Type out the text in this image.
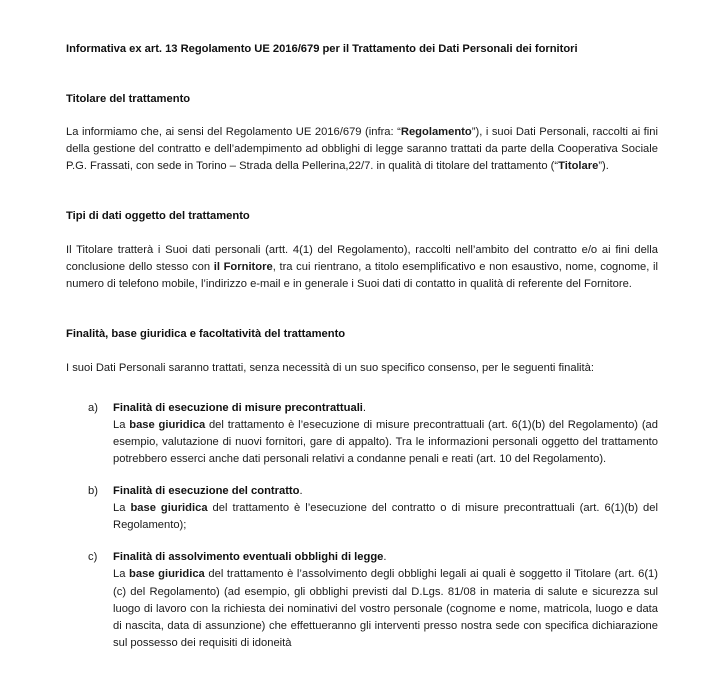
Informativa ex art. 13 Regolamento UE 2016/679 per il Trattamento dei Dati Personali dei fornitori
Titolare del trattamento

La informiamo che, ai sensi del Regolamento UE 2016/679 (infra: “Regolamento”), i suoi Dati Personali, raccolti ai fini della gestione del contratto e dell’adempimento ad obblighi di legge saranno trattati da parte della Cooperativa Sociale P.G. Frassati, con sede in Torino – Strada della Pellerina,22/7. in qualità di titolare del trattamento (“Titolare”).

Tipi di dati oggetto del trattamento

Il Titolare tratterà i Suoi dati personali (artt. 4(1) del Regolamento), raccolti nell’ambito del contratto e/o ai fini della conclusione dello stesso con il Fornitore, tra cui rientrano, a titolo esemplificativo e non esaustivo, nome, cognome, il numero di telefono mobile, l’indirizzo e-mail e in generale i Suoi dati di contatto in qualità di referente del Fornitore.

Finalità, base giuridica e facoltatività del trattamento

I suoi Dati Personali saranno trattati, senza necessità di un suo specifico consenso, per le seguenti finalità:

a) Finalità di esecuzione di misure precontrattuali.
La base giuridica del trattamento è l’esecuzione di misure precontrattuali (art. 6(1)(b) del Regolamento) (ad esempio, valutazione di nuovi fornitori, gare di appalto). Tra le informazioni personali oggetto del trattamento potrebbero esserci anche dati personali relativi a condanne penali e reati (art. 10 del Regolamento).
b) Finalità di esecuzione del contratto.
La base giuridica del trattamento è l’esecuzione del contratto o di misure precontrattuali (art. 6(1)(b) del Regolamento);
c) Finalità di assolvimento eventuali obblighi di legge.
La base giuridica del trattamento è l’assolvimento degli obblighi legali ai quali è soggetto il Titolare (art. 6(1)(c) del Regolamento) (ad esempio, gli obblighi previsti dal D.Lgs. 81/08 in materia di salute e sicurezza sul luogo di lavoro con la richiesta dei nominativi del vostro personale (cognome e nome, matricola, luogo e data di nascita, data di assunzione) che effettueranno gli interventi presso nostra sede con specifica dichiarazione sul possesso dei requisiti di idoneità
